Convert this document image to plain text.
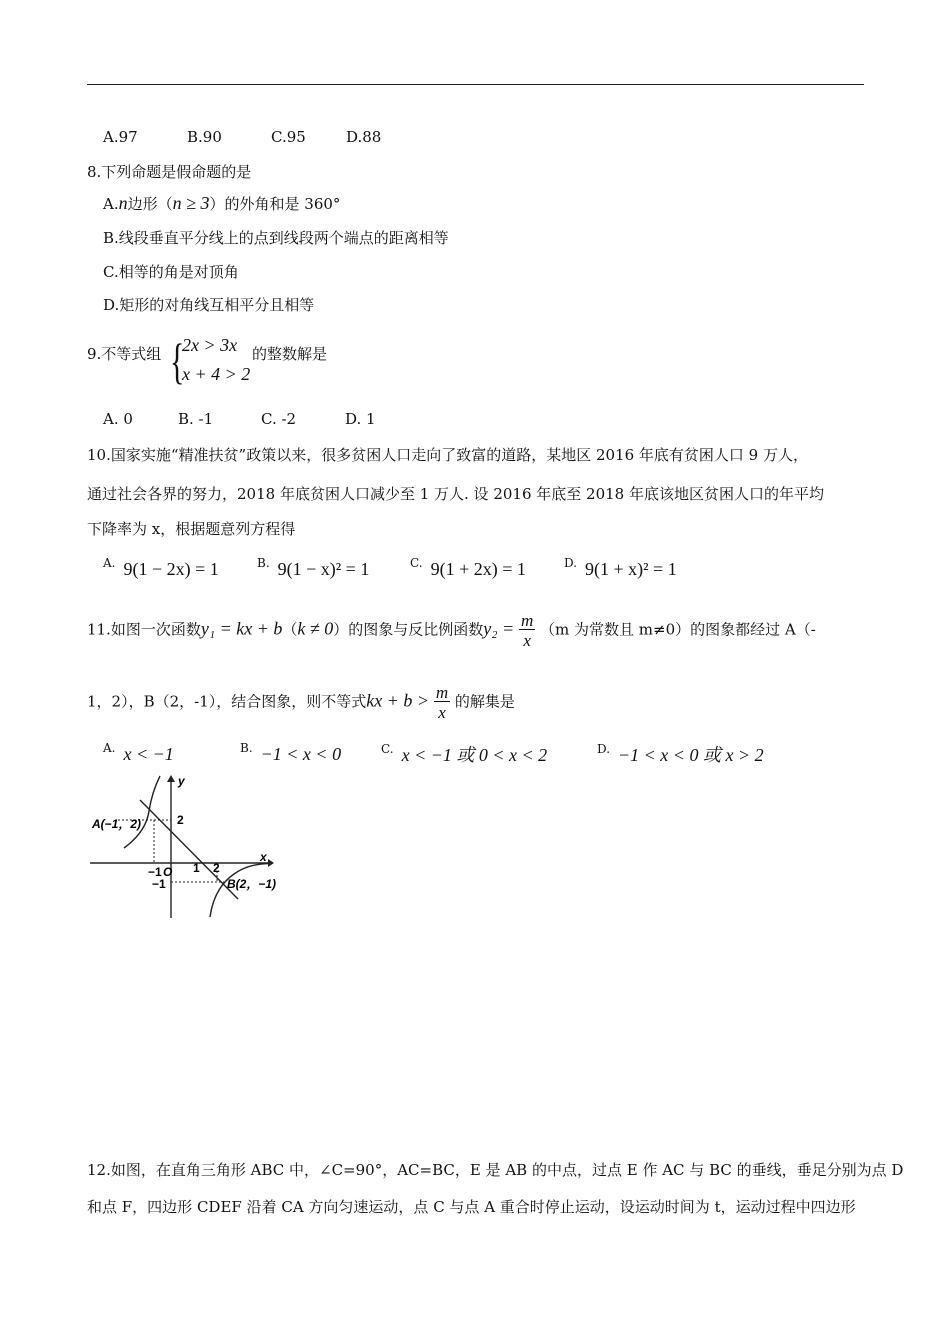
A.97	B.90	C.95	D.88
8.下列命题是假命题的是
A.n边形（n ≥ 3）的外角和是 360°
B.线段垂直平分线上的点到线段两个端点的距离相等
C.相等的角是对顶角
D.矩形的对角线互相平分且相等
9.不等式组 {
2x > 3x
x + 4 > 2
的整数解是
A. 0	B. -1	C. -2	D. 1
10.国家实施“精准扶贫”政策以来，很多贫困人口走向了致富的道路，某地区 2016 年底有贫困人口 9 万人，
通过社会各界的努力，2018 年底贫困人口减少至 1 万人. 设 2016 年底至 2018 年底该地区贫困人口的年平均
下降率为 x，根据题意列方程得
$^{A.}$ 9(1 − 2x) = 1	$^{B.}$ 9(1 − x)² = 1	$^{C.}$ 9(1 + 2x) = 1	$^{D.}$ 9(1 + x)² = 1
11.如图一次函数y₁ = kx + b（k ≠ 0）的图象与反比例函数$y_2 = \frac{m}{x} (m$ 为常数且 m≠0）的图象都经过 A（-
1，2），B（2，-1），结合图象，则不等式kx + $b > \frac{m}{x}$ 的解集是
$^{A.}$ x < −1	$^{B.}$ −1 < x < 0	$^{C.}$ x < −1 或 0 < x < 2	$^{D.}$ −1 < x < 0 或 x > 2
y
x
A(−1，2)	2
−1 O 1 2
−1	B(2，−1)
12.如图，在直角三角形 ABC 中，∠C=90°，AC=BC，E 是 AB 的中点，过点 E 作 AC 与 BC 的垂线，垂足分别为点 D
和点 F，四边形 CDEF 沿着 CA 方向匀速运动，点 C 与点 A 重合时停止运动，设运动时间为 t，运动过程中四边形
